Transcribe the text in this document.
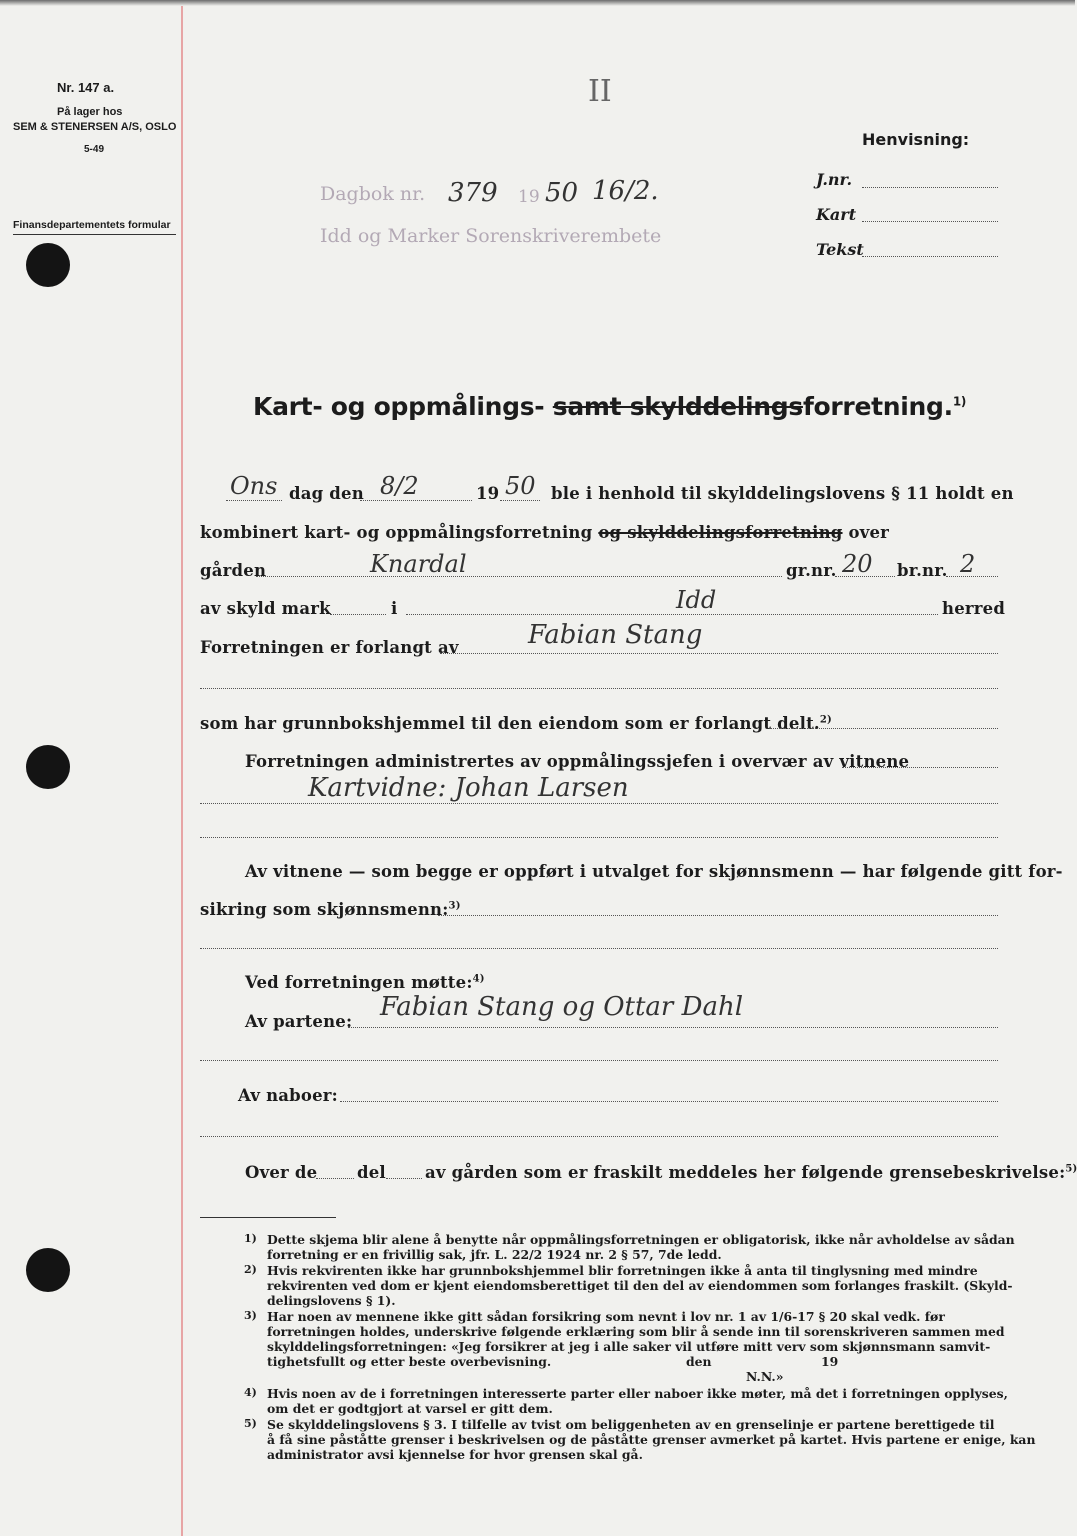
Nr. 147 a.
På lager hos
SEM & STENERSEN A/S, OSLO
5-49
Finansdepartementets formular
II
Dagbok nr. 379 19 50 16/2.
Idd og Marker Sorenskriverembete
Henvisning:
J.nr.
Kart
Tekst
Kart- og oppmålings- samt skylddelingsforretning.$^{1)}$
Ons dag den 8/2	19 50 ble i henhold til skylddelingslovens § 11 holdt en
kombinert kart- og oppmålingsforretning og skylddelingsforretning over
gården	Knardal	gr.nr. 20 br.nr. 2
av skyld mark	i	Idd	herred
Forretningen er forlangt av	Fabian Stang
som har grunnbokshjemmel til den eiendom som er forlangt delt.$^{2)}$
Forretningen administrertes av oppmålingssjefen i overvær av vitnene
Kartvidne: Johan Larsen
Av vitnene — som begge er oppført i utvalget for skjønnsmenn — har følgende gitt for-
sikring som skjønnsmenn:$^{3)}$
Ved forretningen møtte:$^{4)}$
Av partene: Fabian Stang og Ottar Dahl
Av naboer:
Over de del av gården som er fraskilt meddeles her følgende grensebeskrivelse:$^{5)}$
1) Dette skjema blir alene å benytte når oppmålingsforretningen er obligatorisk, ikke når avholdelse av sådan
forretning er en frivillig sak, jfr. L. 22/2 1924 nr. 2 § 57, 7de ledd.
2) Hvis rekvirenten ikke har grunnbokshjemmel blir forretningen ikke å anta til tinglysning med mindre
rekvirenten ved dom er kjent eiendomsberettiget til den del av eiendommen som forlanges fraskilt. (Skyld-
delingslovens § 1).
3) Har noen av mennene ikke gitt sådan forsikring som nevnt i lov nr. 1 av 1/6-17 § 20 skal vedk. før
forretningen holdes, underskrive følgende erklæring som blir å sende inn til sorenskriveren sammen med
skylddelingsforretningen: «Jeg forsikrer at jeg i alle saker vil utføre mitt verv som skjønnsmann samvit-
tighetsfullt og etter beste overbevisning.	den	19
N.N.»
4) Hvis noen av de i forretningen interesserte parter eller naboer ikke møter, må det i forretningen opplyses,
om det er godtgjort at varsel er gitt dem.
5) Se skylddelingslovens § 3. I tilfelle av tvist om beliggenheten av en grenselinje er partene berettigede til
å få sine påståtte grenser i beskrivelsen og de påståtte grenser avmerket på kartet. Hvis partene er enige, kan
administrator avsi kjennelse for hvor grensen skal gå.
